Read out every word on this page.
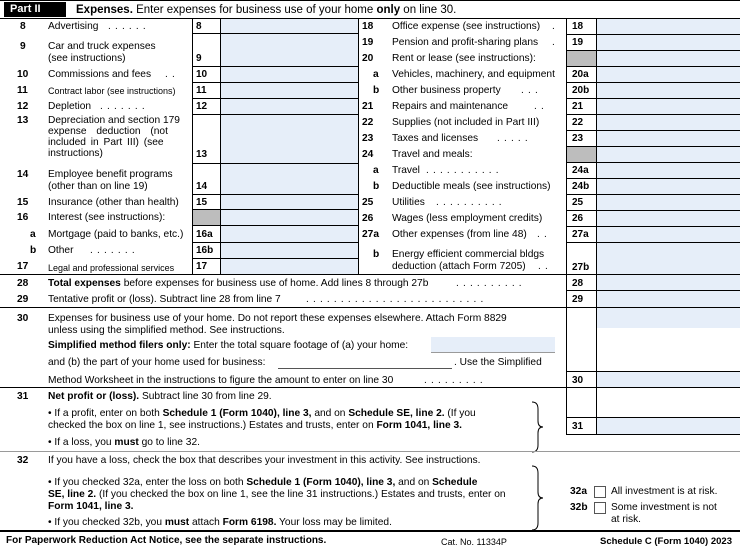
Part II	Expenses. Enter expenses for business use of your home only on line 30.
8 Advertising ......	8
9 Car and truck expenses
(see instructions)	9
10 Commissions and fees ..	10
11 Contract labor (see instructions)	11
12 Depletion .......	12
13 Depreciation and section 179
expense deduction (not
included in Part III) (see
instructions)	13
14 Employee benefit programs
(other than on line 19)	14
15 Insurance (other than health)	15
16 Interest (see instructions):
a Mortgage (paid to banks, etc.)	16a
b Other .......	16b
17 Legal and professional services	17
18 Office expense (see instructions) .	18
19 Pension and profit-sharing plans .	19
20 Rent or lease (see instructions):
a Vehicles, machinery, and equipment	20a
b Other business property ...	20b
21 Repairs and maintenance	..	21
22 Supplies (not included in Part III)	22
23 Taxes and licenses .....	23
24 Travel and meals:
a Travel ...........	24a
b Deductible meals (see instructions)	24b
25 Utilities ..........	25
26 Wages (less employment credits)	26
27a Other expenses (from line 48) ..	27a
b Energy efficient commercial bldgs
deduction (attach Form 7205) ..	27b
28 Total expenses before expenses for business use of home. Add lines 8 through 27b	..........	28
29 Tentative profit or (loss). Subtract line 28 from line 7	..........................	29
30 Expenses for business use of your home. Do not report these expenses elsewhere. Attach Form 8829
unless using the simplified method. See instructions.
Simplified method filers only: Enter the total square footage of (a) your home:
and (b) the part of your home used for business:	. Use the Simplified
Method Worksheet in the instructions to figure the amount to enter on line 30	.........	30
31 Net profit or (loss). Subtract line 30 from line 29.
• If a profit, enter on both Schedule 1 (Form 1040), line 3, and on Schedule SE, line 2. (If you
checked the box on line 1, see instructions.) Estates and trusts, enter on Form 1041, line 3.
• If a loss, you must go to line 32.
31
32 If you have a loss, check the box that describes your investment in this activity. See instructions.
• If you checked 32a, enter the loss on both Schedule 1 (Form 1040), line 3, and on Schedule
SE, line 2. (If you checked the box on line 1, see the line 31 instructions.) Estates and trusts, enter on
Form 1041, line 3.
• If you checked 32b, you must attach Form 6198. Your loss may be limited.
32a All investment is at risk.
32b Some investment is not
at risk.
For Paperwork Reduction Act Notice, see the separate instructions.	Cat. No. 11334P	Schedule C (Form 1040) 2023
